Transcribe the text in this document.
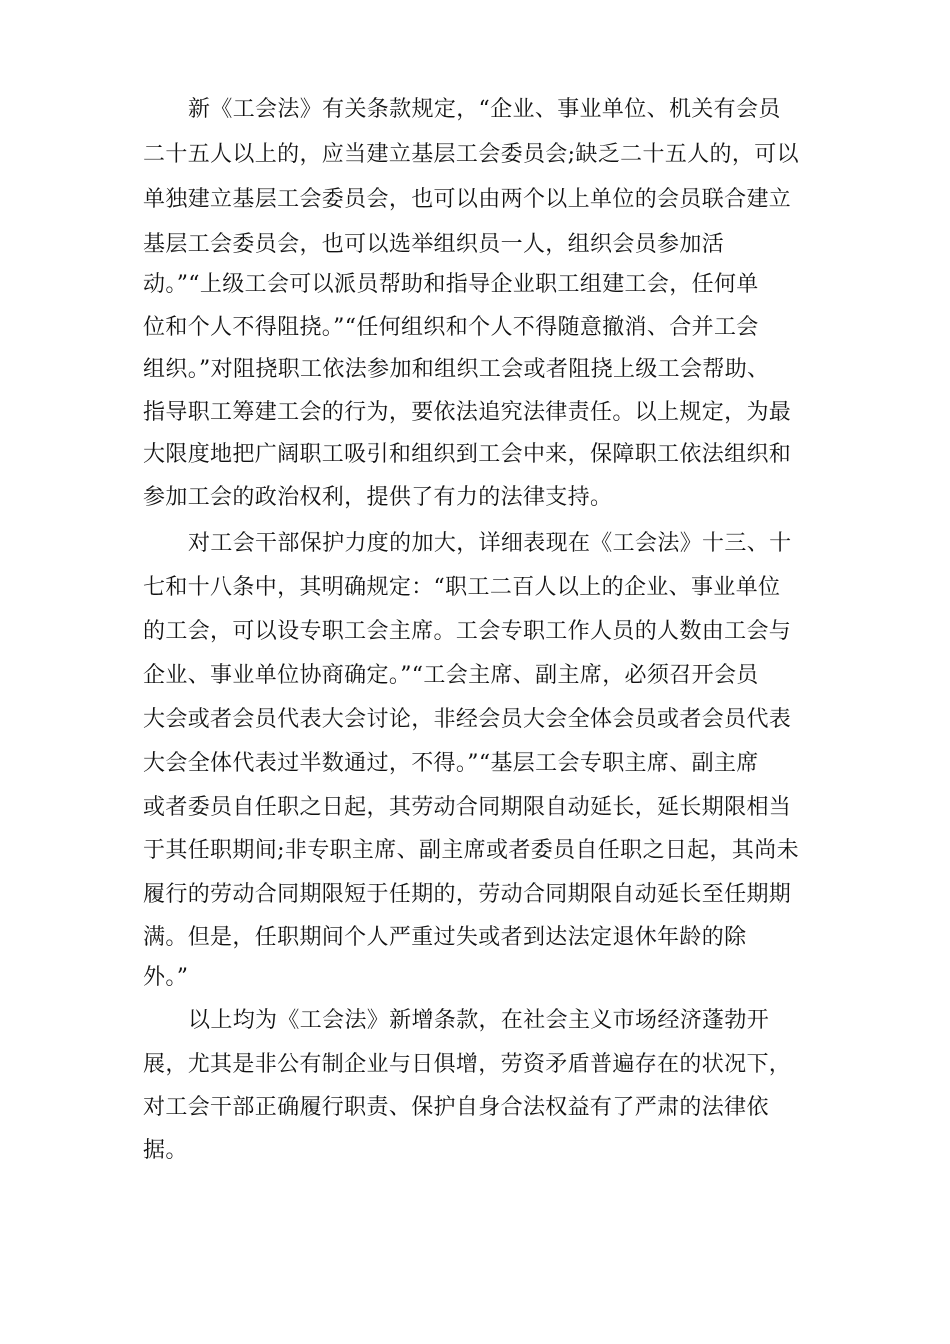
新《工会法》有关条款规定，“企业、事业单位、机关有会员
二十五人以上的，应当建立基层工会委员会;缺乏二十五人的，可以
单独建立基层工会委员会，也可以由两个以上单位的会员联合建立
基层工会委员会，也可以选举组织员一人，组织会员参加活
动。”“上级工会可以派员帮助和指导企业职工组建工会，任何单
位和个人不得阻挠。”“任何组织和个人不得随意撤消、合并工会
组织。”对阻挠职工依法参加和组织工会或者阻挠上级工会帮助、
指导职工筹建工会的行为，要依法追究法律责任。以上规定，为最
大限度地把广阔职工吸引和组织到工会中来，保障职工依法组织和
参加工会的政治权利，提供了有力的法律支持。
对工会干部保护力度的加大，详细表现在《工会法》十三、十
七和十八条中，其明确规定：“职工二百人以上的企业、事业单位
的工会，可以设专职工会主席。工会专职工作人员的人数由工会与
企业、事业单位协商确定。”“工会主席、副主席，必须召开会员
大会或者会员代表大会讨论，非经会员大会全体会员或者会员代表
大会全体代表过半数通过，不得。”“基层工会专职主席、副主席
或者委员自任职之日起，其劳动合同期限自动延长，延长期限相当
于其任职期间;非专职主席、副主席或者委员自任职之日起，其尚未
履行的劳动合同期限短于任期的，劳动合同期限自动延长至任期期
满。但是，任职期间个人严重过失或者到达法定退休年龄的除
外。”
以上均为《工会法》新增条款，在社会主义市场经济蓬勃开
展，尤其是非公有制企业与日俱增，劳资矛盾普遍存在的状况下，
对工会干部正确履行职责、保护自身合法权益有了严肃的法律依
据。
